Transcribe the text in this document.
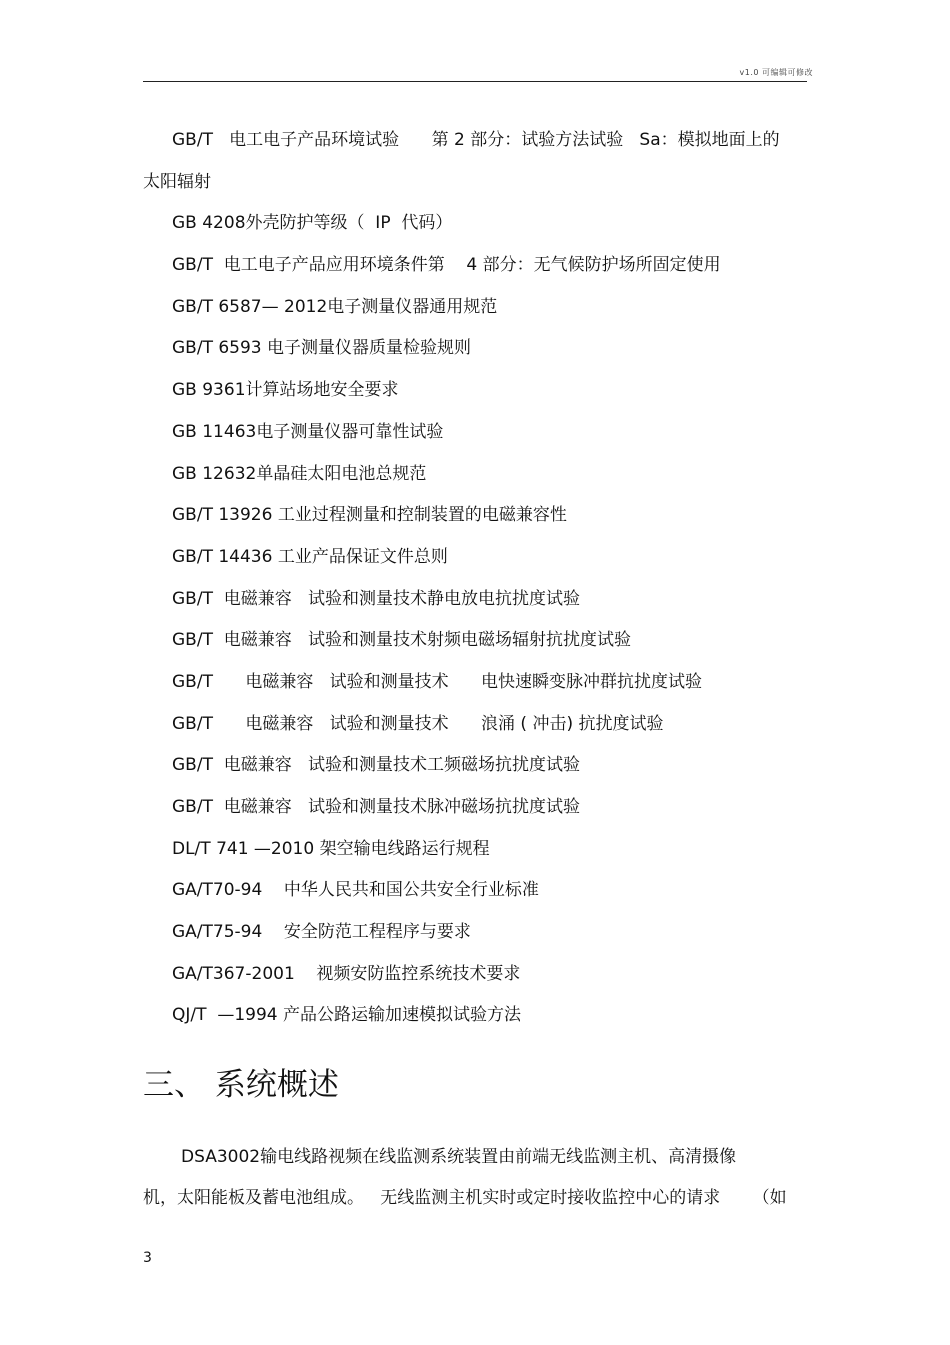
v1.0 可编辑可修改
GB/T   电工电子产品环境试验      第 2 部分：试验方法试验   Sa：模拟地面上的
太阳辐射
GB 4208外壳防护等级（  IP  代码）
GB/T  电工电子产品应用环境条件第    4 部分：无气候防护场所固定使用
GB/T 6587— 2012电子测量仪器通用规范
GB/T 6593 电子测量仪器质量检验规则
GB 9361计算站场地安全要求
GB 11463电子测量仪器可靠性试验
GB 12632单晶硅太阳电池总规范
GB/T 13926 工业过程测量和控制装置的电磁兼容性
GB/T 14436 工业产品保证文件总则
GB/T  电磁兼容   试验和测量技术静电放电抗扰度试验
GB/T  电磁兼容   试验和测量技术射频电磁场辐射抗扰度试验
GB/T      电磁兼容   试验和测量技术      电快速瞬变脉冲群抗扰度试验
GB/T      电磁兼容   试验和测量技术      浪涌 ( 冲击) 抗扰度试验
GB/T  电磁兼容   试验和测量技术工频磁场抗扰度试验
GB/T  电磁兼容   试验和测量技术脉冲磁场抗扰度试验
DL/T 741 —2010 架空输电线路运行规程
GA/T70-94    中华人民共和国公共安全行业标准
GA/T75-94    安全防范工程程序与要求
GA/T367-2001    视频安防监控系统技术要求
QJ/T  —1994 产品公路运输加速模拟试验方法
三、 系统概述

DSA3002输电线路视频在线监测系统装置由前端无线监测主机、高清摄像
机，太阳能板及蓄电池组成。   无线监测主机实时或定时接收监控中心的请求      （如

3
